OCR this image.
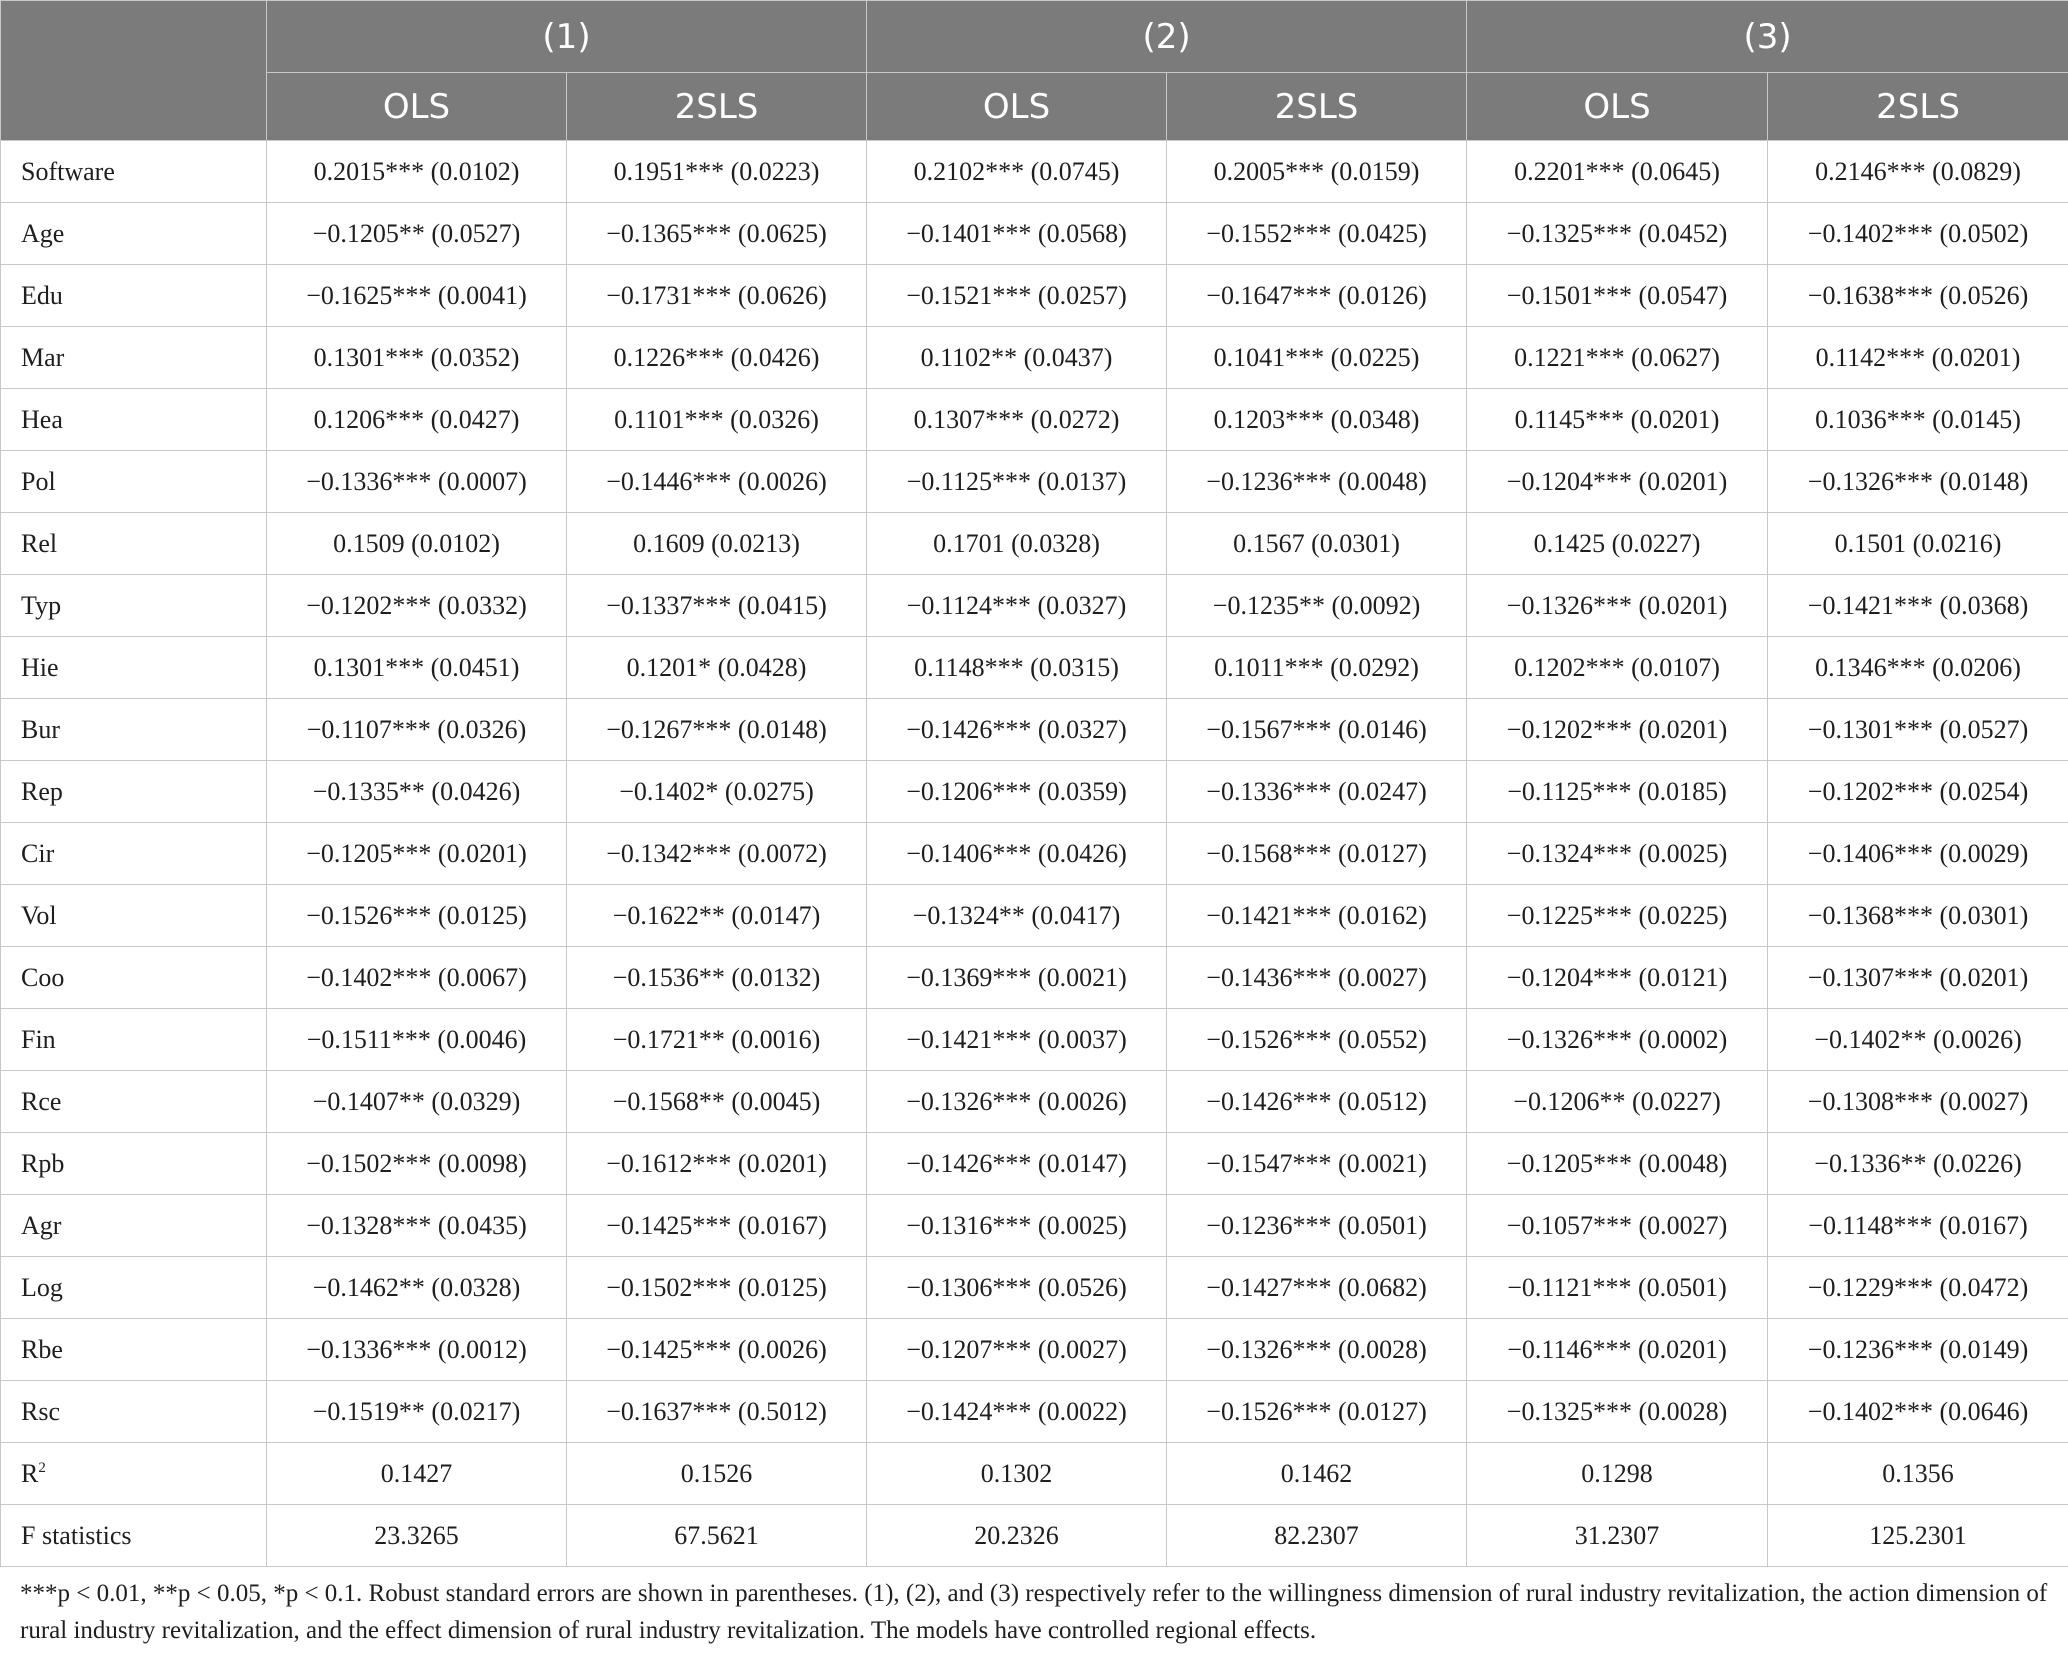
	(1)		(2)		(3)	
	OLS	2SLS	OLS	2SLS	OLS	2SLS
Software	0.2015*** (0.0102)	0.1951*** (0.0223)	0.2102*** (0.0745)	0.2005*** (0.0159)	0.2201*** (0.0645)	0.2146*** (0.0829)
Age	−0.1205** (0.0527)	−0.1365*** (0.0625)	−0.1401*** (0.0568)	−0.1552*** (0.0425)	−0.1325*** (0.0452)	−0.1402*** (0.0502)
Edu	−0.1625*** (0.0041)	−0.1731*** (0.0626)	−0.1521*** (0.0257)	−0.1647*** (0.0126)	−0.1501*** (0.0547)	−0.1638*** (0.0526)
Mar	0.1301*** (0.0352)	0.1226*** (0.0426)	0.1102** (0.0437)	0.1041*** (0.0225)	0.1221*** (0.0627)	0.1142*** (0.0201)
Hea	0.1206*** (0.0427)	0.1101*** (0.0326)	0.1307*** (0.0272)	0.1203*** (0.0348)	0.1145*** (0.0201)	0.1036*** (0.0145)
Pol	−0.1336*** (0.0007)	−0.1446*** (0.0026)	−0.1125*** (0.0137)	−0.1236*** (0.0048)	−0.1204*** (0.0201)	−0.1326*** (0.0148)
Rel	0.1509 (0.0102)	0.1609 (0.0213)	0.1701 (0.0328)	0.1567 (0.0301)	0.1425 (0.0227)	0.1501 (0.0216)
Typ	−0.1202*** (0.0332)	−0.1337*** (0.0415)	−0.1124*** (0.0327)	−0.1235** (0.0092)	−0.1326*** (0.0201)	−0.1421*** (0.0368)
Hie	0.1301*** (0.0451)	0.1201* (0.0428)	0.1148*** (0.0315)	0.1011*** (0.0292)	0.1202*** (0.0107)	0.1346*** (0.0206)
Bur	−0.1107*** (0.0326)	−0.1267*** (0.0148)	−0.1426*** (0.0327)	−0.1567*** (0.0146)	−0.1202*** (0.0201)	−0.1301*** (0.0527)
Rep	−0.1335** (0.0426)	−0.1402* (0.0275)	−0.1206*** (0.0359)	−0.1336*** (0.0247)	−0.1125*** (0.0185)	−0.1202*** (0.0254)
Cir	−0.1205*** (0.0201)	−0.1342*** (0.0072)	−0.1406*** (0.0426)	−0.1568*** (0.0127)	−0.1324*** (0.0025)	−0.1406*** (0.0029)
Vol	−0.1526*** (0.0125)	−0.1622** (0.0147)	−0.1324** (0.0417)	−0.1421*** (0.0162)	−0.1225*** (0.0225)	−0.1368*** (0.0301)
Coo	−0.1402*** (0.0067)	−0.1536** (0.0132)	−0.1369*** (0.0021)	−0.1436*** (0.0027)	−0.1204*** (0.0121)	−0.1307*** (0.0201)
Fin	−0.1511*** (0.0046)	−0.1721** (0.0016)	−0.1421*** (0.0037)	−0.1526*** (0.0552)	−0.1326*** (0.0002)	−0.1402** (0.0026)
Rce	−0.1407** (0.0329)	−0.1568** (0.0045)	−0.1326*** (0.0026)	−0.1426*** (0.0512)	−0.1206** (0.0227)	−0.1308*** (0.0027)
Rpb	−0.1502*** (0.0098)	−0.1612*** (0.0201)	−0.1426*** (0.0147)	−0.1547*** (0.0021)	−0.1205*** (0.0048)	−0.1336** (0.0226)
Agr	−0.1328*** (0.0435)	−0.1425*** (0.0167)	−0.1316*** (0.0025)	−0.1236*** (0.0501)	−0.1057*** (0.0027)	−0.1148*** (0.0167)
Log	−0.1462** (0.0328)	−0.1502*** (0.0125)	−0.1306*** (0.0526)	−0.1427*** (0.0682)	−0.1121*** (0.0501)	−0.1229*** (0.0472)
Rbe	−0.1336*** (0.0012)	−0.1425*** (0.0026)	−0.1207*** (0.0027)	−0.1326*** (0.0028)	−0.1146*** (0.0201)	−0.1236*** (0.0149)
Rsc	−0.1519** (0.0217)	−0.1637*** (0.5012)	−0.1424*** (0.0022)	−0.1526*** (0.0127)	−0.1325*** (0.0028)	−0.1402*** (0.0646)
$R^2$	0.1427	0.1526	0.1302	0.1462	0.1298	0.1356
F statistics	23.3265	67.5621	20.2326	82.2307	31.2307	125.2301
***p < 0.01, **p < 0.05, *p < 0.1. Robust standard errors are shown in parentheses. (1), (2), and (3) respectively refer to the willingness dimension of rural industry revitalization, the action dimension of rural industry revitalization, and the effect dimension of rural industry revitalization. The models have controlled regional effects.
